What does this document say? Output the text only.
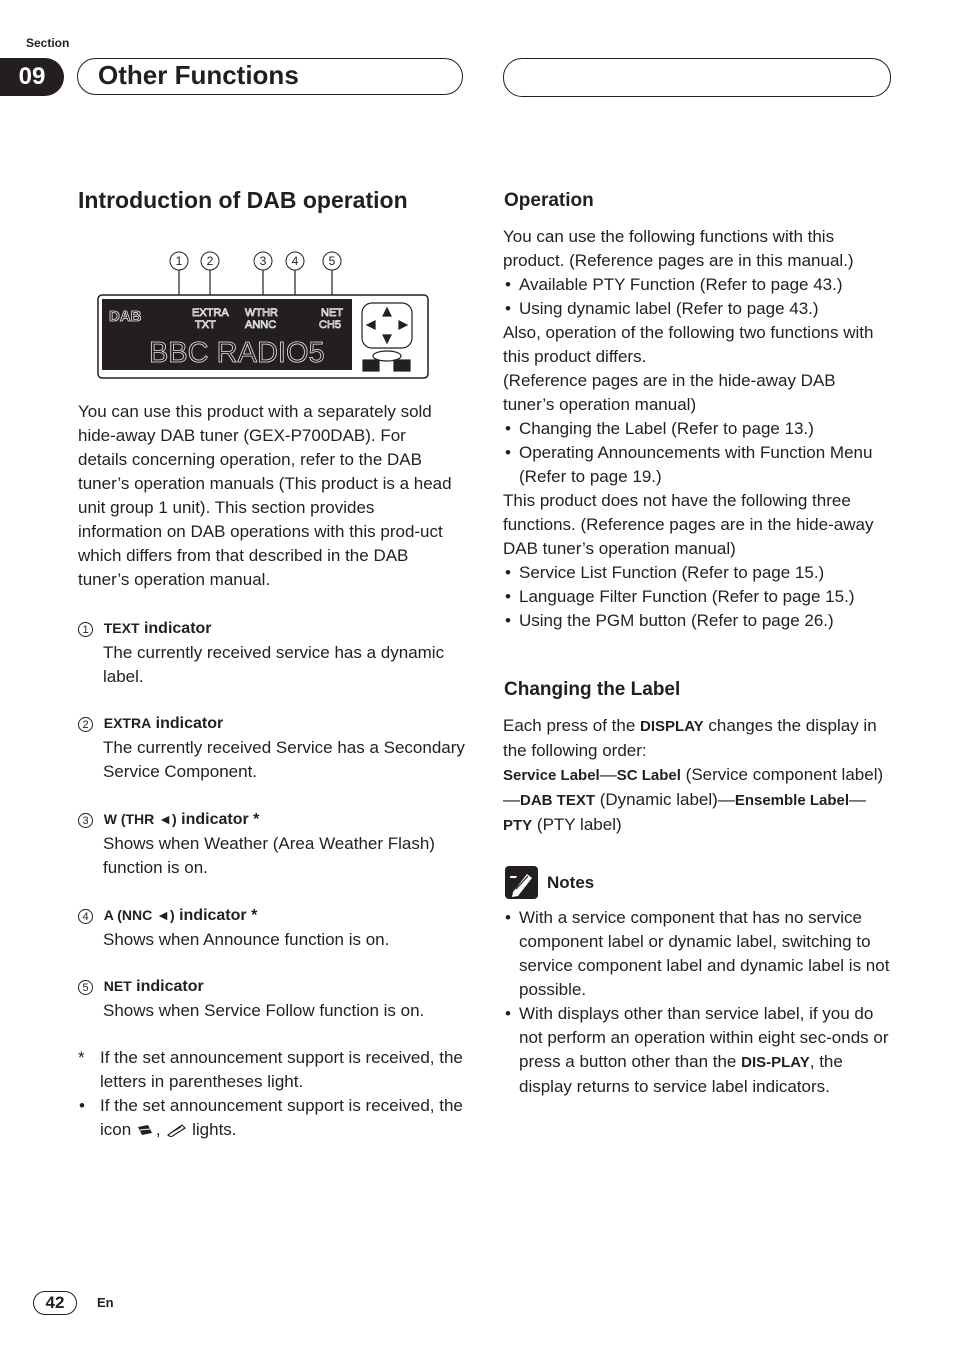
Section
09	Other Functions
Introduction of DAB operation
1 2	3 4	5
DAB	EXTRA
TXT
WTHR
ANNC
NET
CH5
BBC RADIO5

You can use this product with a separately sold hide-away DAB tuner (GEX-P700DAB). For details concerning operation, refer to the DAB tuner’s operation manuals (This product is a head unit group 1 unit). This section provides information on DAB operations with this prod-uct which differs from that described in the DAB tuner’s operation manual.

1 TEXT indicator
The currently received service has a dynamic label.
2 EXTRA indicator
The currently received Service has a Secondary Service Component.
3 W (THR ◄) indicator *
Shows when Weather (Area Weather Flash) function is on.
4 A (NNC ◄) indicator *
Shows when Announce function is on.
5 NET indicator
Shows when Service Follow function is on.
* If the set announcement support is received, the letters in parentheses light.
• If the set announcement support is received, the icon , lights.
Operation
You can use the following functions with this product. (Reference pages are in this manual.)
• Available PTY Function (Refer to page 43.)
• Using dynamic label (Refer to page 43.)
Also, operation of the following two functions with this product differs.
(Reference pages are in the hide-away DAB tuner’s operation manual)
• Changing the Label (Refer to page 13.)
• Operating Announcements with Function Menu (Refer to page 19.)
This product does not have the following three functions. (Reference pages are in the hide-away DAB tuner’s operation manual)
• Service List Function (Refer to page 15.)
• Language Filter Function (Refer to page 15.)
• Using the PGM button (Refer to page 26.)
Changing the Label
Each press of the DISPLAY changes the display in the following order:
Service Label—SC Label (Service component label)—DAB TEXT (Dynamic label)—Ensemble Label—PTY (PTY label)
Notes
• With a service component that has no service component label or dynamic label, switching to service component label and dynamic label is not possible.
• With displays other than service label, if you do not perform an operation within eight sec-onds or press a button other than the DIS-PLAY, the display returns to service label indicators.
42	En
